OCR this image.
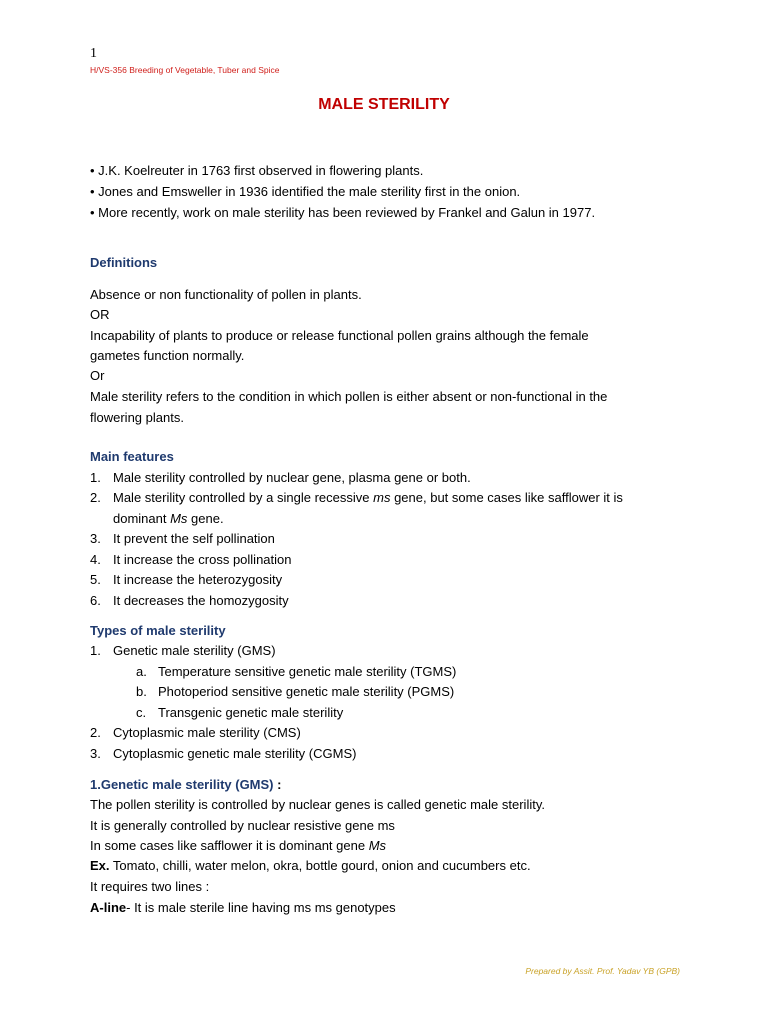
1
H/VS-356 Breeding of Vegetable, Tuber and Spice
MALE STERILITY
• J.K. Koelreuter in 1763 first observed in flowering plants.
• Jones and Emsweller in 1936 identified the male sterility first in the onion.
• More recently, work on male sterility has been reviewed by Frankel and Galun in 1977.
Definitions
Absence or non functionality of pollen in plants.
OR
Incapability of plants to produce or release functional pollen grains although the female
gametes function normally.
Or
Male sterility refers to the condition in which pollen is either absent or non-functional in the
flowering plants.
Main features
1. Male sterility controlled by nuclear gene, plasma gene or both.
2. Male sterility controlled by a single recessive ms gene, but some cases like safflower it is
dominant Ms gene.
3. It prevent the self pollination
4. It increase the cross pollination
5. It increase the heterozygosity
6. It decreases the homozygosity
Types of male sterility
1. Genetic male sterility (GMS)
a. Temperature sensitive genetic male sterility (TGMS)
b. Photoperiod sensitive genetic male sterility (PGMS)
c. Transgenic genetic male sterility
2. Cytoplasmic male sterility (CMS)
3. Cytoplasmic genetic male sterility (CGMS)
1.Genetic male sterility (GMS) :
The pollen sterility is controlled by nuclear genes is called genetic male sterility.
It is generally controlled by nuclear resistive gene ms
In some cases like safflower it is dominant gene Ms
Ex. Tomato, chilli, water melon, okra, bottle gourd, onion and cucumbers etc.
It requires two lines :
A-line- It is male sterile line having ms ms genotypes
Prepared by Assit. Prof. Yadav YB (GPB)
